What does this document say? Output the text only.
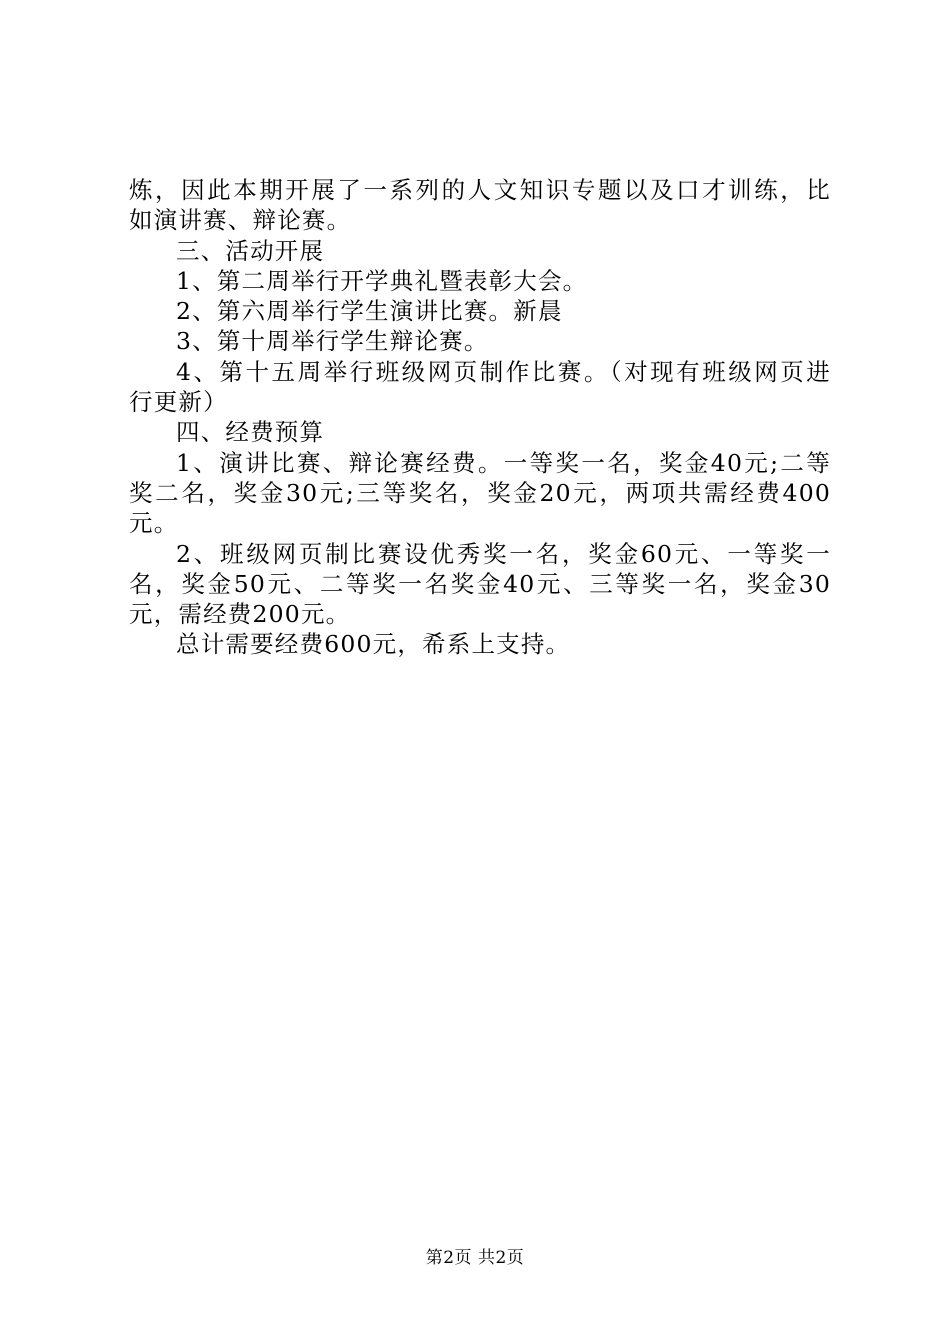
炼，因此本期开展了一系列的人文知识专题以及口才训练，比
如演讲赛、辩论赛。
三、活动开展
1、第二周举行开学典礼暨表彰大会。
2、第六周举行学生演讲比赛。新晨
3、第十周举行学生辩论赛。
4、第十五周举行班级网页制作比赛。（对现有班级网页进
行更新）
四、经费预算
1、演讲比赛、辩论赛经费。一等奖一名，奖金40元;二等
奖二名，奖金30元;三等奖名，奖金20元，两项共需经费400
元。
2、班级网页制比赛设优秀奖一名，奖金60元、一等奖一
名，奖金50元、二等奖一名奖金40元、三等奖一名，奖金30
元，需经费200元。
总计需要经费600元，希系上支持。
第2页 共2页
